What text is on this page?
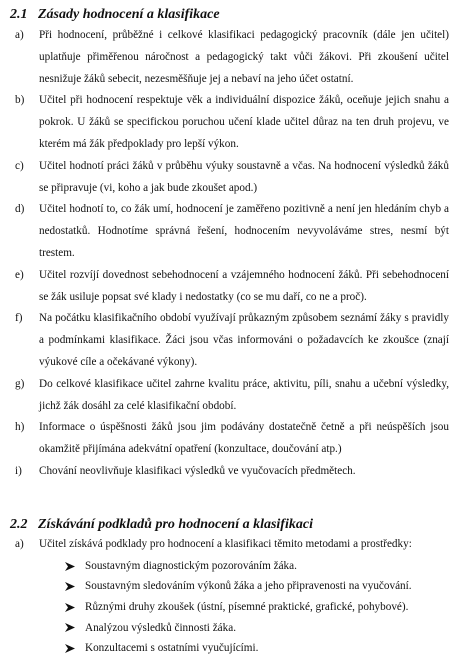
2.1 Zásady hodnocení a klasifikace
a)	Při hodnocení, průběžné i celkové klasifikaci pedagogický pracovník (dále jen učitel) uplatňuje přiměřenou náročnost a pedagogický takt vůči žákovi. Při zkoušení učitel nesnižuje žáků sebecit, nezesměšňuje jej a nebaví na jeho účet ostatní.
b)	Učitel při hodnocení respektuje věk a individuální dispozice žáků, oceňuje jejich snahu a pokrok. U žáků se specifickou poruchou učení klade učitel důraz na ten druh projevu, ve kterém má žák předpoklady pro lepší výkon.
c)	Učitel hodnotí práci žáků v průběhu výuky soustavně a včas. Na hodnocení výsledků žáků se připravuje (vi, koho a jak bude zkoušet apod.)
d)	Učitel hodnotí to, co žák umí, hodnocení je zaměřeno pozitivně a není jen hledáním chyb a nedostatků. Hodnotíme správná řešení, hodnocením nevyvoláváme stres, nesmí být trestem.
e)	Učitel rozvíjí dovednost sebehodnocení a vzájemného hodnocení žáků. Při sebehodnocení se žák usiluje popsat své klady i nedostatky (co se mu daří, co ne a proč).
f)	Na počátku klasifikačního období využívají průkazným způsobem seznámí žáky s pravidly a podmínkami klasifikace. Žáci jsou včas informováni o požadavcích ke zkoušce (znají výukové cíle a očekávané výkony).
g)	Do celkové klasifikace učitel zahrne kvalitu práce, aktivitu, píli, snahu a učební výsledky, jichž žák dosáhl za celé klasifikační období.
h)	Informace o úspěšnosti žáků jsou jim podávány dostatečně četně a při neúspěších jsou okamžitě přijímána adekvátní opatření (konzultace, doučování atp.)
i)	Chování neovlivňuje klasifikaci výsledků ve vyučovacích předmětech.
2.2 Získávání podkladů pro hodnocení a klasifikaci
a)	Učitel získává podklady pro hodnocení a klasifikaci těmito metodami a prostředky:
Soustavným diagnostickým pozorováním žáka.
Soustavným sledováním výkonů žáka a jeho připravenosti na vyučování.
Různými druhy zkoušek (ústní, písemné praktické, grafické, pohybové).
Analýzou výsledků činnosti žáka.
Konzultacemi s ostatními vyučujícími.
